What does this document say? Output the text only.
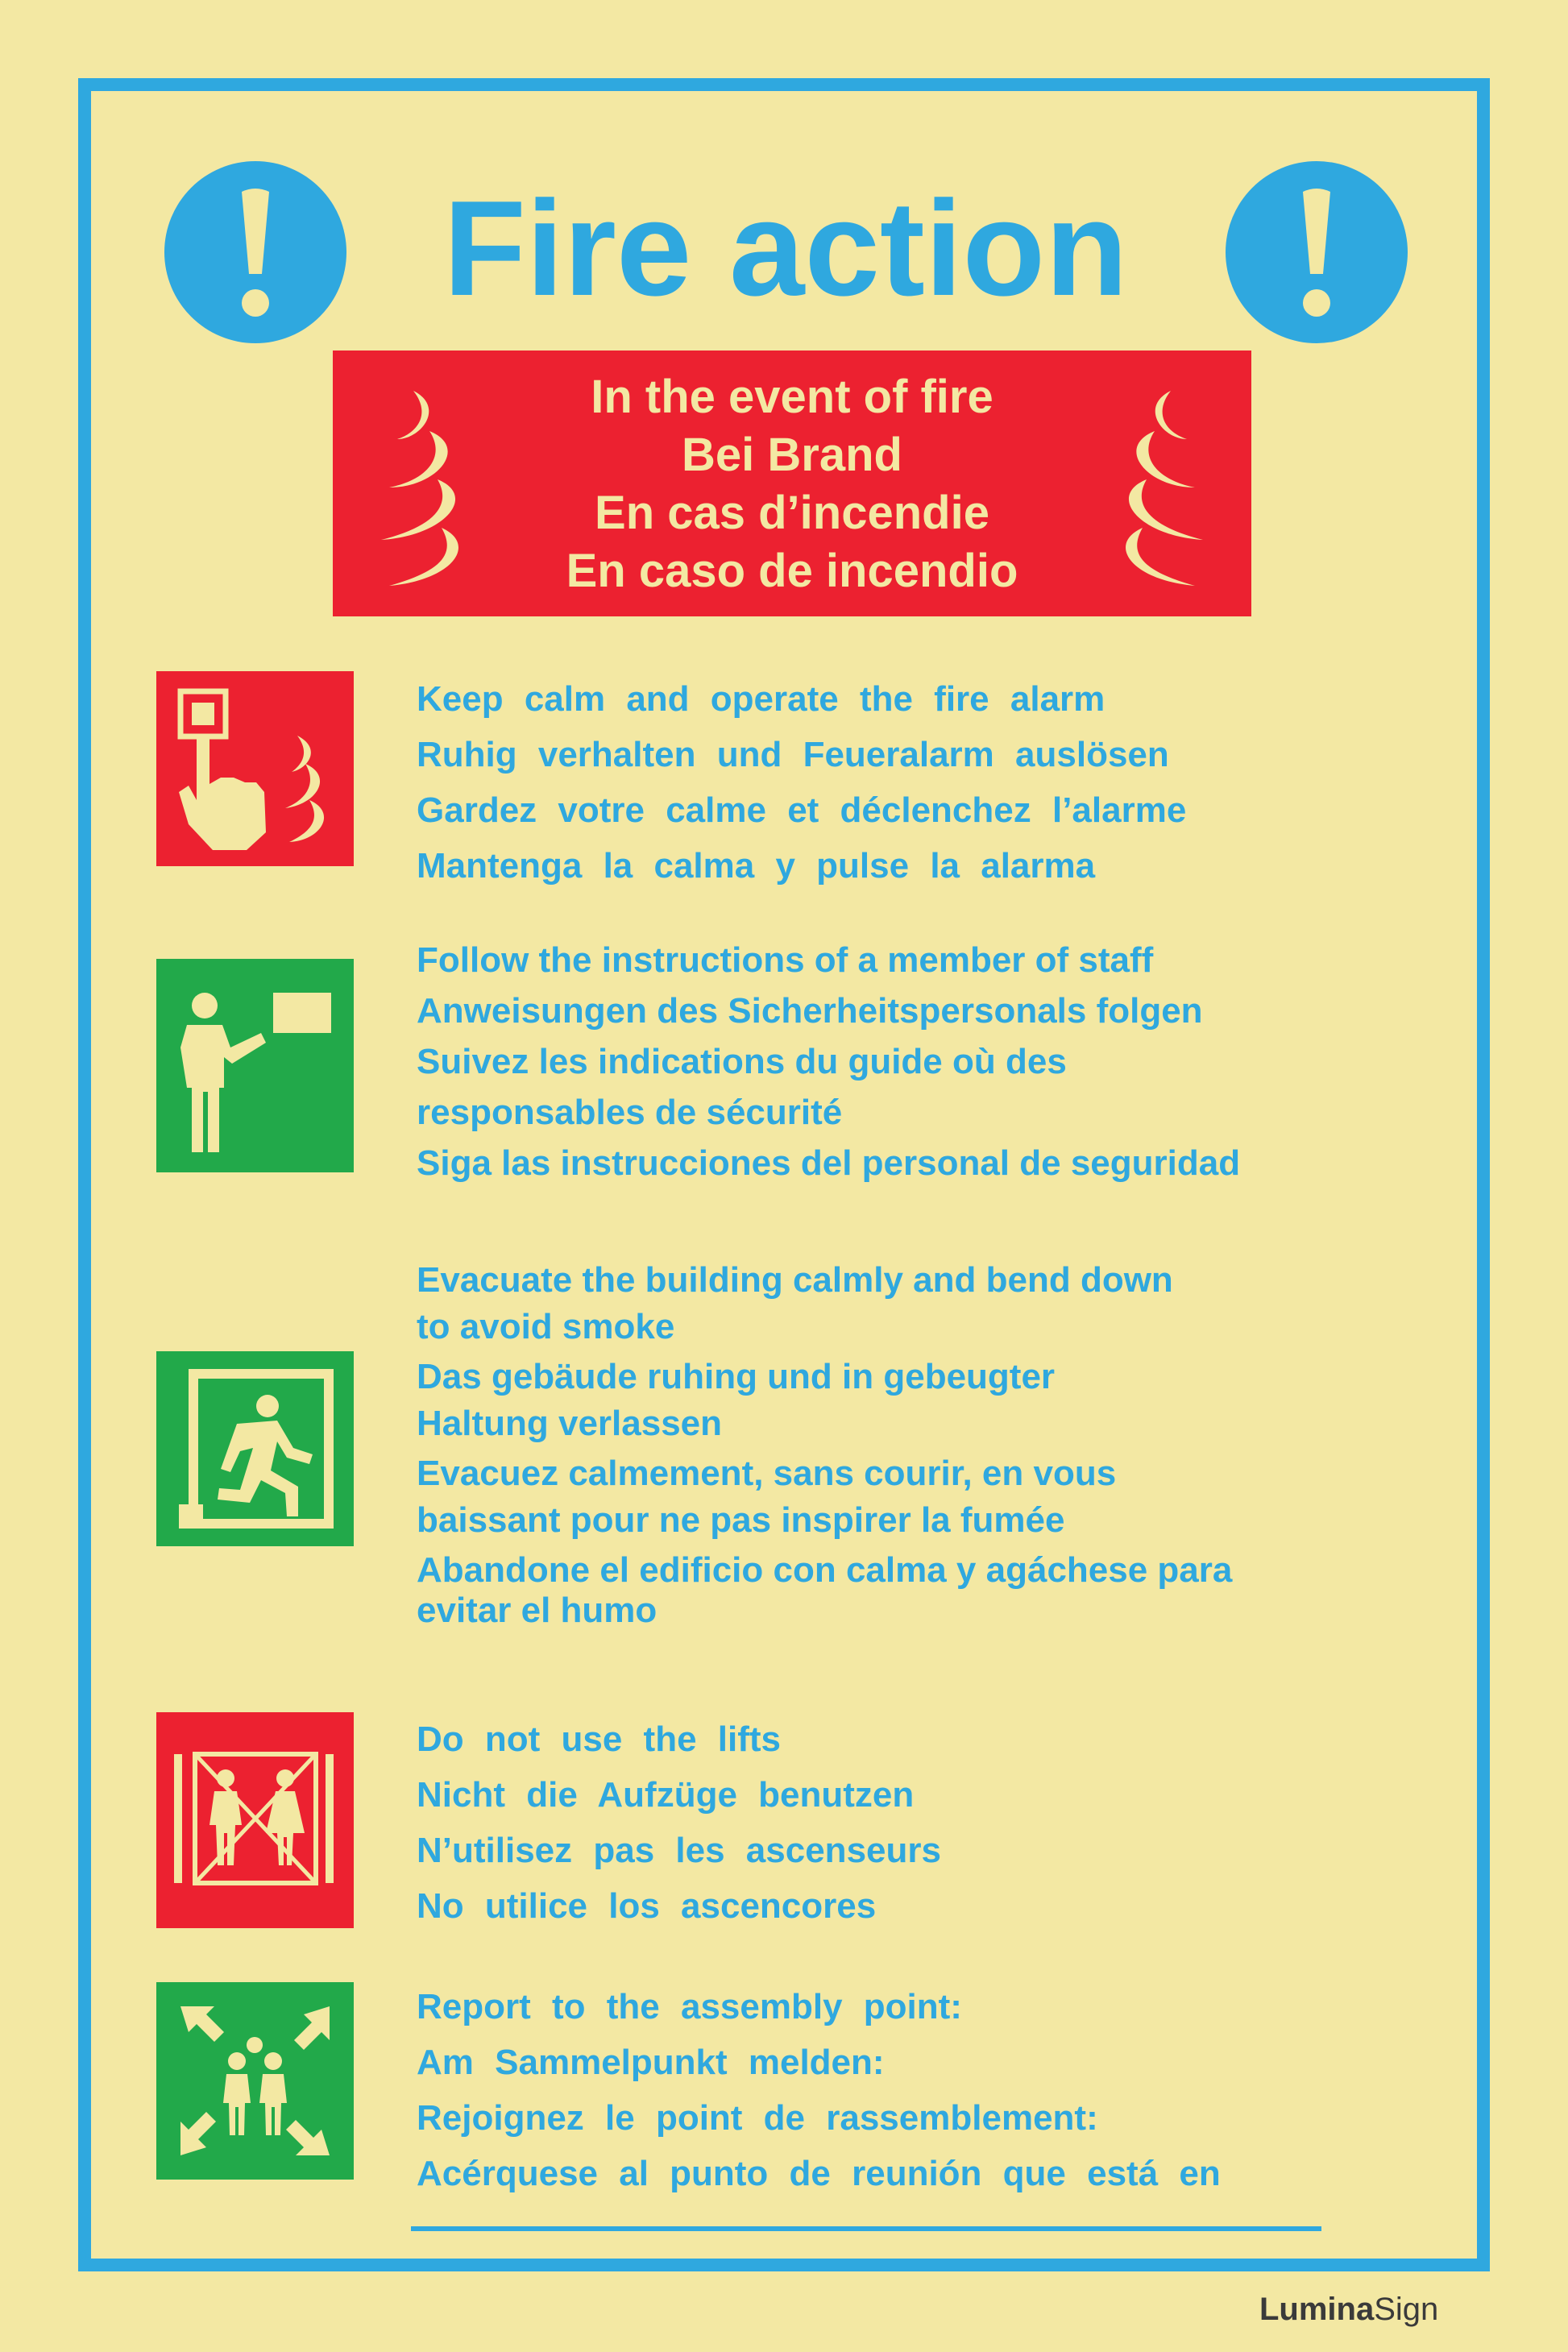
Fire action
In the event of fire
Bei Brand
En cas d’incendie
En caso de incendio
Keep calm and operate the fire alarm
Ruhig verhalten und Feueralarm auslösen
Gardez votre calme et déclenchez l’alarme
Mantenga la calma y pulse la alarma
Follow the instructions of a member of staff
Anweisungen des Sicherheitspersonals folgen
Suivez les indications du guide où des
responsables de sécurité
Siga las instrucciones del personal de seguridad
Evacuate the building calmly and bend down
to avoid smoke
Das gebäude ruhing und in gebeugter
Haltung verlassen
Evacuez calmement, sans courir, en vous
baissant pour ne pas inspirer la fumée
Abandone el edificio con calma y agáchese para
evitar el humo
Do not use the lifts
Nicht die Aufzüge benutzen
N’utilisez pas les ascenseurs
No utilice los ascencores
Report to the assembly point:
Am Sammelpunkt melden:
Rejoignez le point de rassemblement:
Acérquese al punto de reunión que está en
LuminaSign
